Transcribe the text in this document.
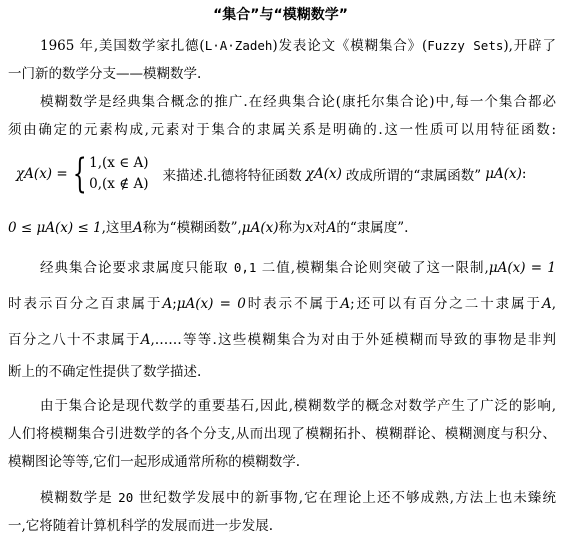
“集合”与“模糊数学”
1965 年,美国数学家扎德(L·A·Zadeh)发表论文《模糊集合》(Fuzzy Sets),开辟了
一门新的数学分支——模糊数学.
模糊数学是经典集合概念的推广.在经典集合论(康托尔集合论)中,每一个集合都必
须由确定的元素构成,元素对于集合的隶属关系是明确的.这一性质可以用特征函数:
χA(x) = { 1,(x ∈ A)
0,(x ∉ A) 来描述.扎德将特征函数 χA(x) 改成所谓的“隶属函数” μA(x) :
0 ≤ μA(x) ≤ 1,这里A称为“模糊函数”,μA(x)称为x对A的“隶属度”.
经典集合论要求隶属度只能取 0,1 二值,模糊集合论则突破了这一限制,μA(x) = 1
时表示百分之百隶属于A;μA(x) = 0时表示不属于A;还可以有百分之二十隶属于A,
百分之八十不隶属于A,……等等.这些模糊集合为对由于外延模糊而导致的事物是非判
断上的不确定性提供了数学描述.
由于集合论是现代数学的重要基石,因此,模糊数学的概念对数学产生了广泛的影响,
人们将模糊集合引进数学的各个分支,从而出现了模糊拓扑、模糊群论、模糊测度与积分、
模糊图论等等,它们一起形成通常所称的模糊数学.
模糊数学是 20 世纪数学发展中的新事物,它在理论上还不够成熟,方法上也未臻统
一,它将随着计算机科学的发展而进一步发展.
